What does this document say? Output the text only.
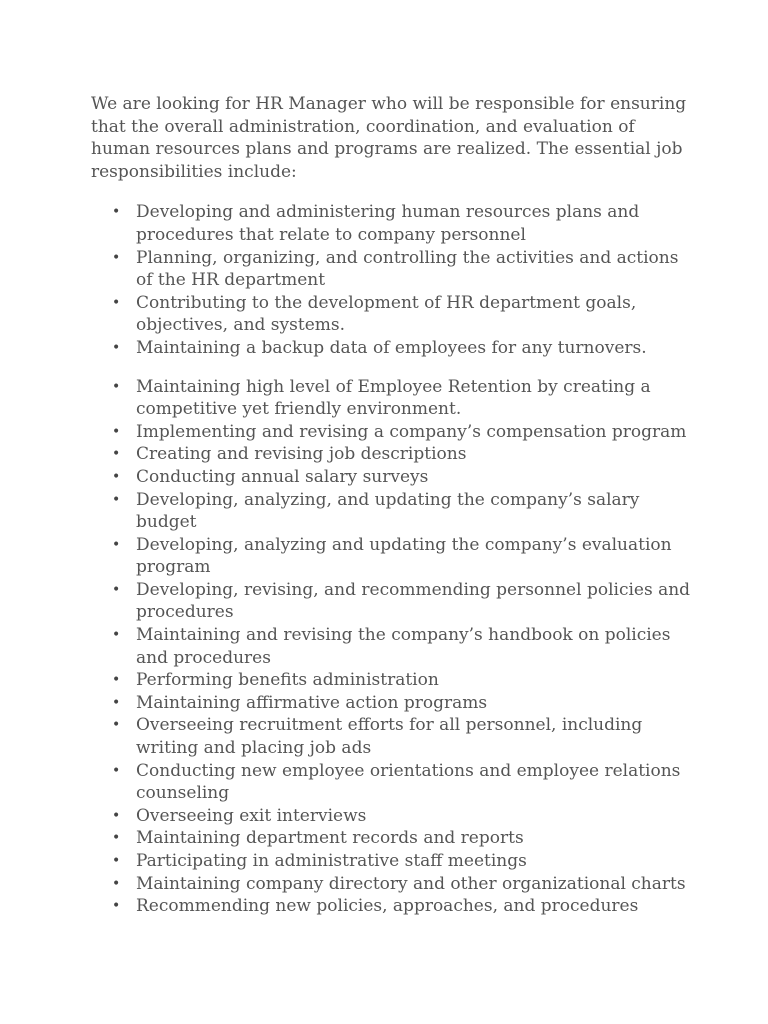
We are looking for HR Manager who will be responsible for ensuring that the overall administration, coordination, and evaluation of human resources plans and programs are realized. The essential job responsibilities include:

• Developing and administering human resources plans and procedures that relate to company personnel
• Planning, organizing, and controlling the activities and actions of the HR department
• Contributing to the development of HR department goals, objectives, and systems.
• Maintaining a backup data of employees for any turnovers.
• Maintaining high level of Employee Retention by creating a competitive yet friendly environment.
• Implementing and revising a company’s compensation program
• Creating and revising job descriptions
• Conducting annual salary surveys
• Developing, analyzing, and updating the company’s salary budget
• Developing, analyzing and updating the company’s evaluation program
• Developing, revising, and recommending personnel policies and procedures
• Maintaining and revising the company’s handbook on policies and procedures
• Performing benefits administration
• Maintaining affirmative action programs
• Overseeing recruitment efforts for all personnel, including writing and placing job ads
• Conducting new employee orientations and employee relations counseling
• Overseeing exit interviews
• Maintaining department records and reports
• Participating in administrative staff meetings
• Maintaining company directory and other organizational charts
• Recommending new policies, approaches, and procedures
